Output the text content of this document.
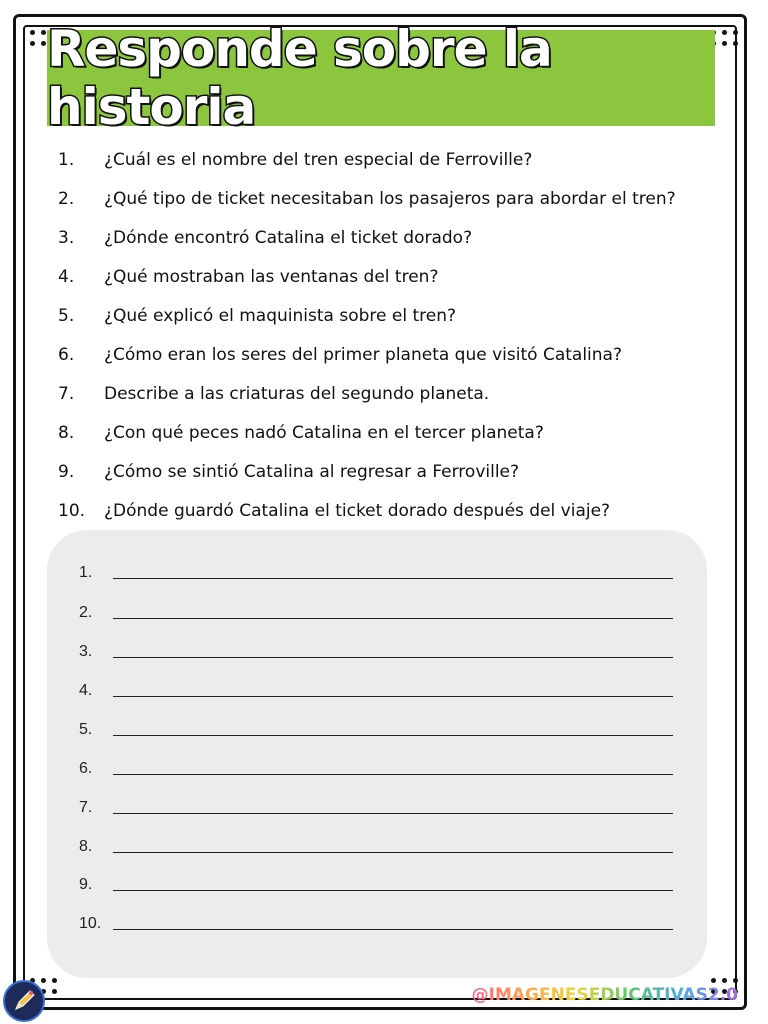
Responde sobre la historia
1.	¿Cuál es el nombre del tren especial de Ferroville?
2.	¿Qué tipo de ticket necesitaban los pasajeros para abordar el tren?
3.	¿Dónde encontró Catalina el ticket dorado?
4.	¿Qué mostraban las ventanas del tren?
5.	¿Qué explicó el maquinista sobre el tren?
6.	¿Cómo eran los seres del primer planeta que visitó Catalina?
7.	Describe a las criaturas del segundo planeta.
8.	¿Con qué peces nadó Catalina en el tercer planeta?
9.	¿Cómo se sintió Catalina al regresar a Ferroville?
10.	¿Dónde guardó Catalina el ticket dorado después del viaje?
1.
2.
3.
4.
5.
6.
7.
8.
9.
10.
@IMAGENESEDUCATIVAS2.0
